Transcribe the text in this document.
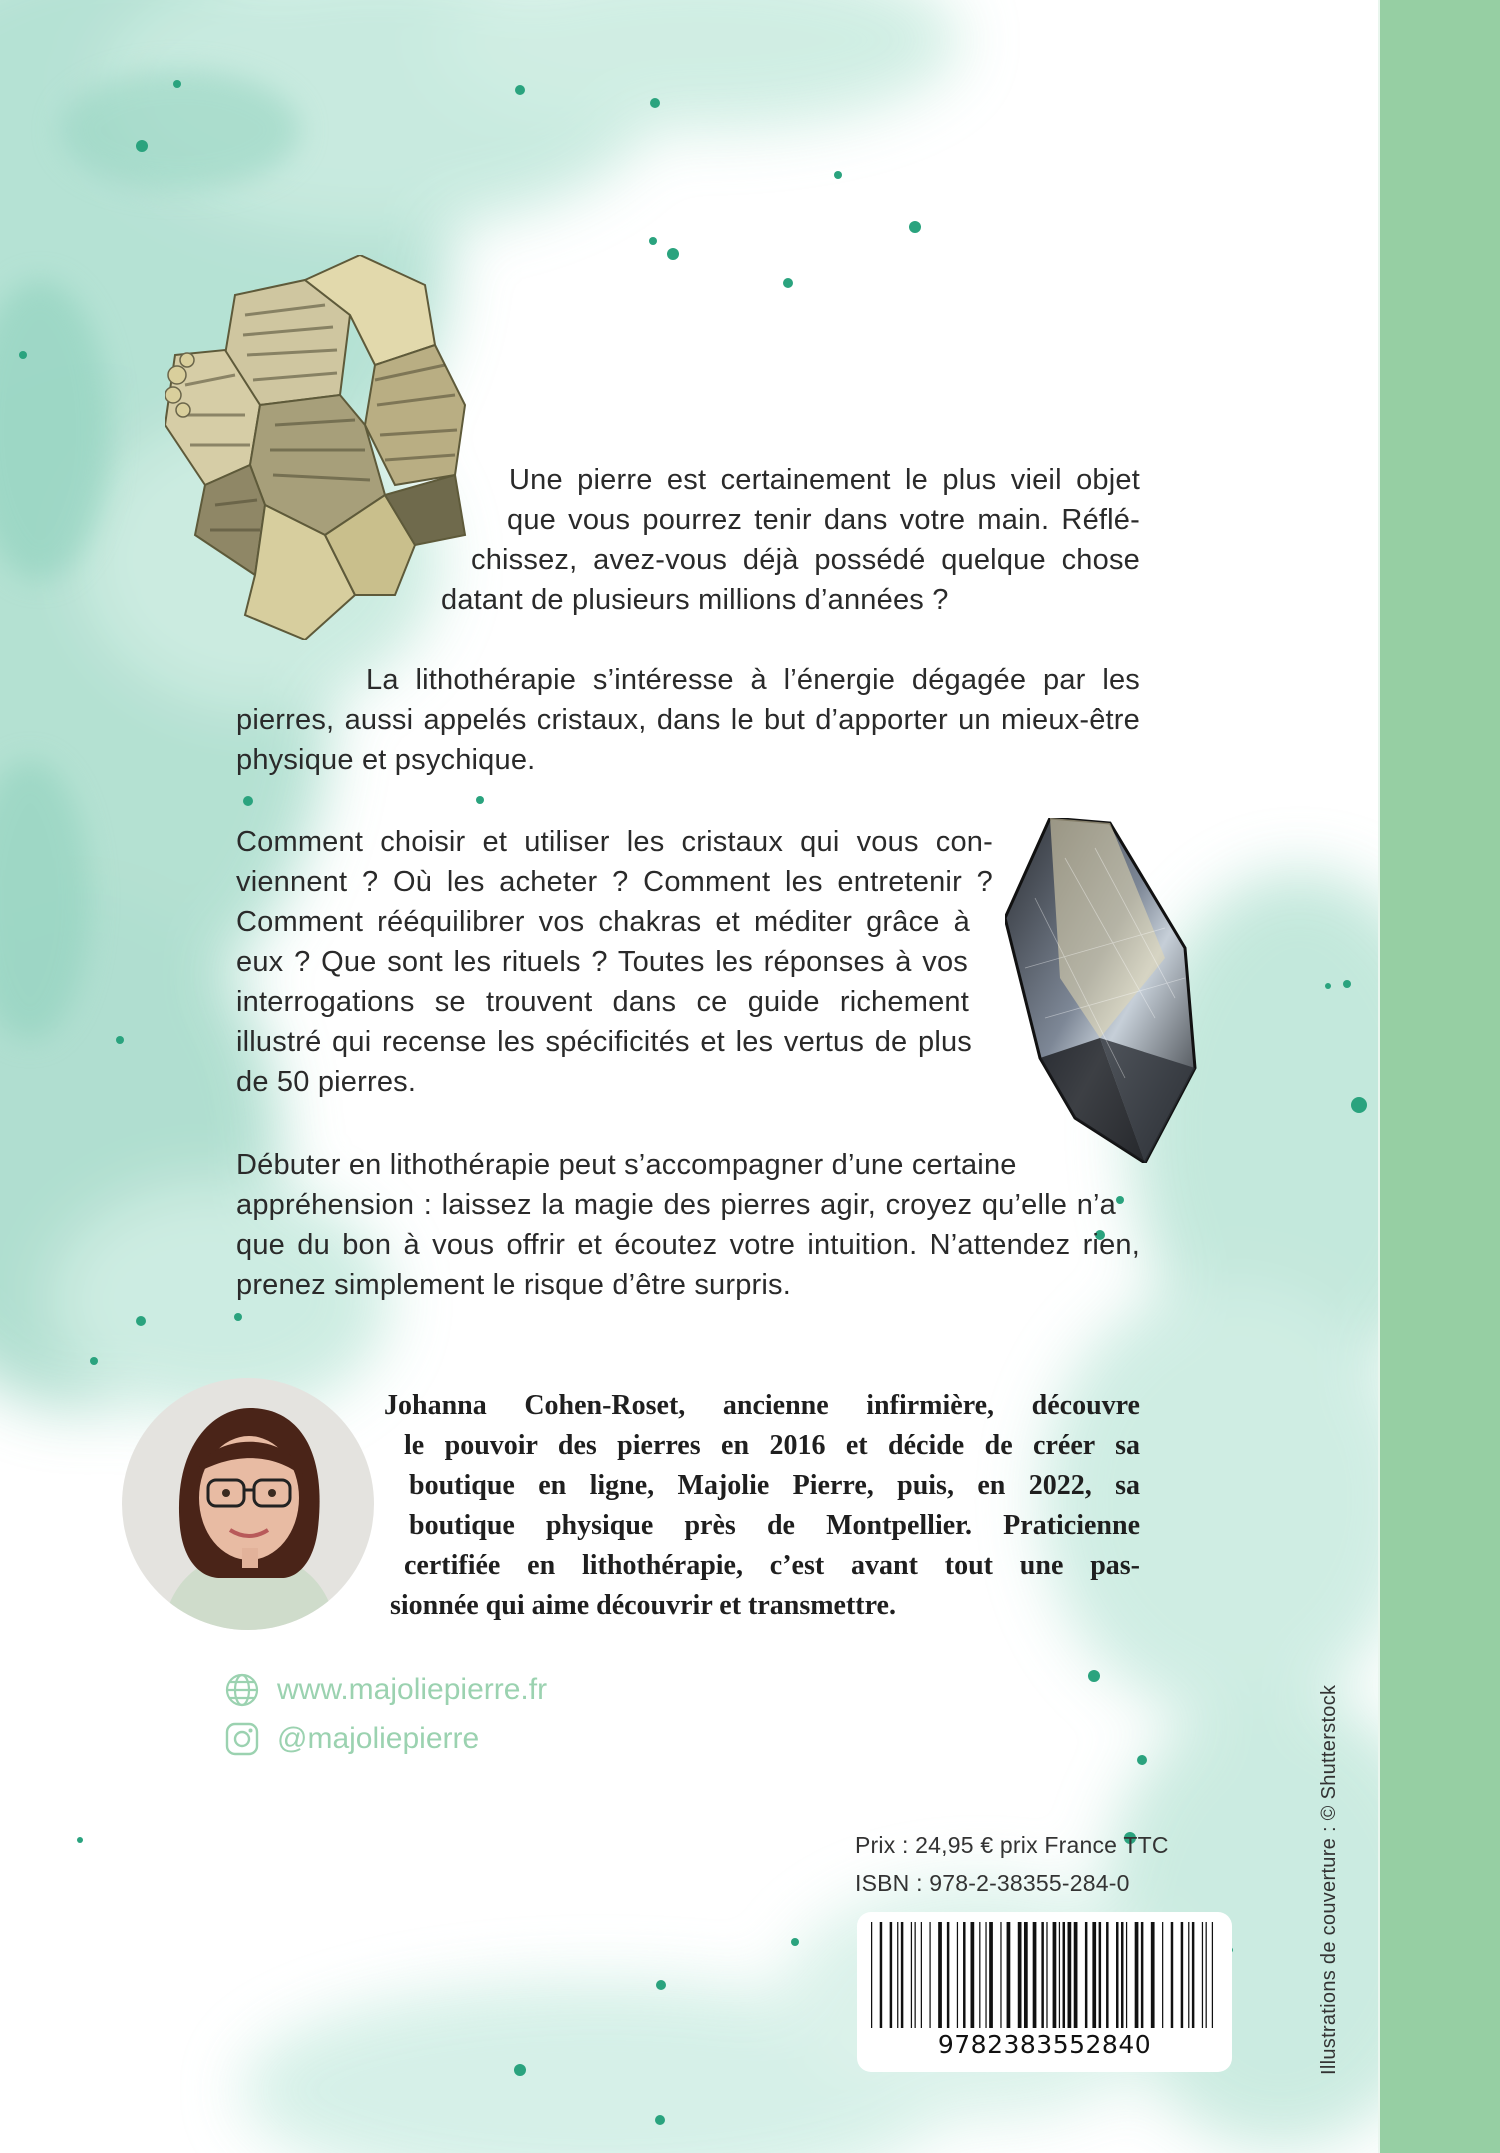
Une pierre est certainement le plus vieil objet
que vous pourrez tenir dans votre main. Réflé-
chissez, avez-vous déjà possédé quelque chose
datant de plusieurs millions d’années ?
La lithothérapie s’intéresse à l’énergie dégagée par les
pierres, aussi appelés cristaux, dans le but d’apporter un mieux-être
physique et psychique.
Comment choisir et utiliser les cristaux qui vous con-
viennent ? Où les acheter ? Comment les entretenir ?
Comment rééquilibrer vos chakras et méditer grâce à
eux ? Que sont les rituels ? Toutes les réponses à vos
interrogations se trouvent dans ce guide richement
illustré qui recense les spécificités et les vertus de plus
de 50 pierres.
Débuter en lithothérapie peut s’accompagner d’une certaine
appréhension : laissez la magie des pierres agir, croyez qu’elle n’a
que du bon à vous offrir et écoutez votre intuition. N’attendez rien,
prenez simplement le risque d’être surpris.
Johanna Cohen-Roset, ancienne infirmière, découvre
le pouvoir des pierres en 2016 et décide de créer sa
boutique en ligne, Majolie Pierre, puis, en 2022, sa
boutique physique près de Montpellier. Praticienne
certifiée en lithothérapie, c’est avant tout une pas-
sionnée qui aime découvrir et transmettre.
www.majoliepierre.fr
@majoliepierre
Prix : 24,95 € prix France TTC
ISBN : 978-2-38355-284-0
9782383552840	Illustrations de couverture : © Shutterstock
